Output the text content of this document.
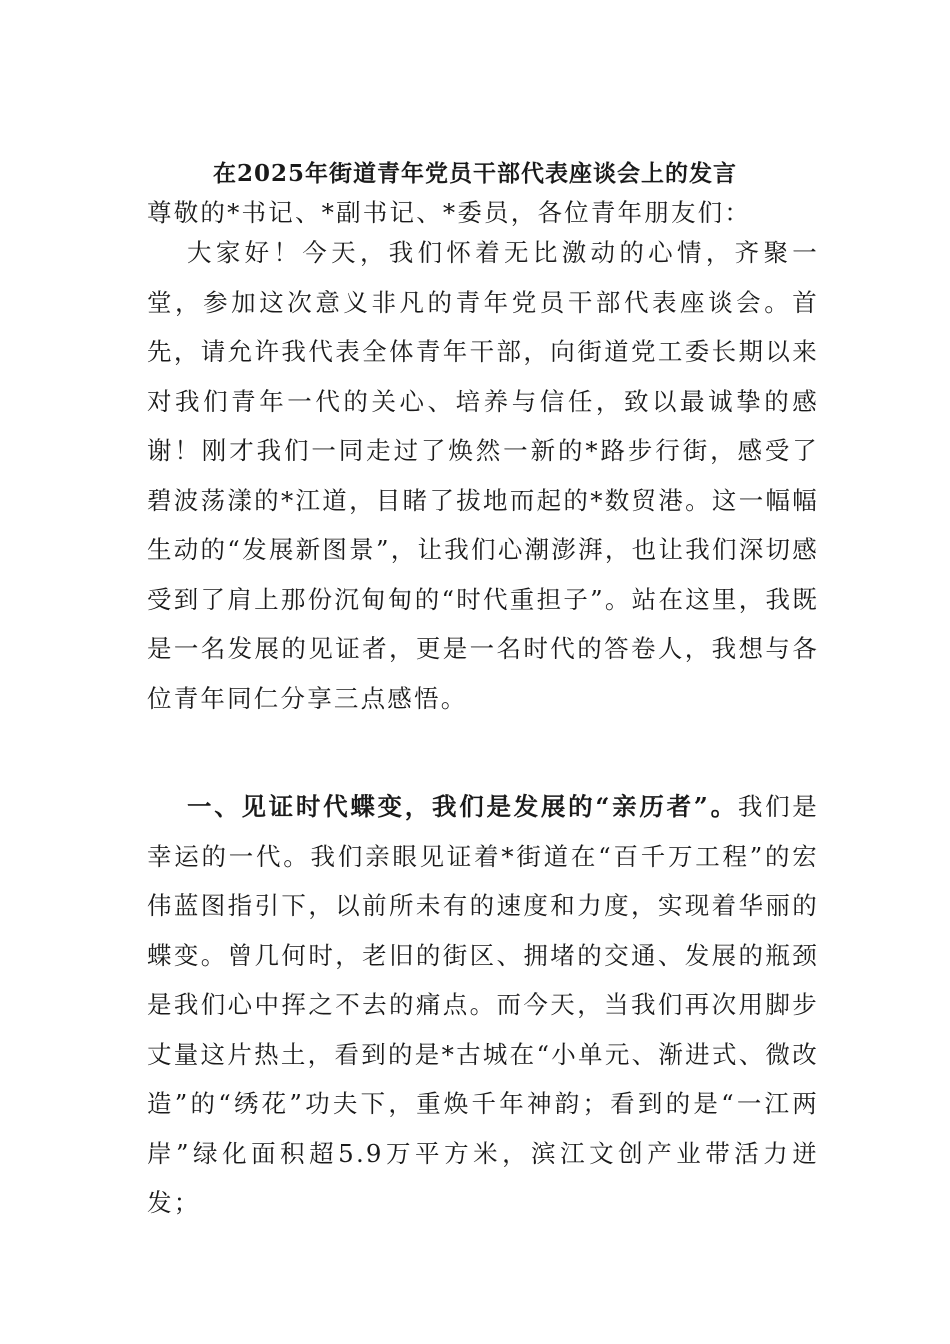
在2025年街道青年党员干部代表座谈会上的发言

尊敬的*书记、*副书记、*委员，各位青年朋友们：

大家好！今天，我们怀着无比激动的心情，齐聚一堂，参加这次意义非凡的青年党员干部代表座谈会。首先，请允许我代表全体青年干部，向街道党工委长期以来对我们青年一代的关心、培养与信任，致以最诚挚的感谢！刚才我们一同走过了焕然一新的*路步行街，感受了碧波荡漾的*江道，目睹了拔地而起的*数贸港。这一幅幅生动的“发展新图景”，让我们心潮澎湃，也让我们深切感受到了肩上那份沉甸甸的“时代重担子”。站在这里，我既是一名发展的见证者，更是一名时代的答卷人，我想与各位青年同仁分享三点感悟。

一、见证时代蝶变，我们是发展的“亲历者”。我们是幸运的一代。我们亲眼见证着*街道在“百千万工程”的宏伟蓝图指引下，以前所未有的速度和力度，实现着华丽的蝶变。曾几何时，老旧的街区、拥堵的交通、发展的瓶颈是我们心中挥之不去的痛点。而今天，当我们再次用脚步丈量这片热土，看到的是*古城在“小单元、渐进式、微改造”的“绣花”功夫下，重焕千年神韵；看到的是“一江两岸”绿化面积超5.9万平方米，滨江文创产业带活力迸发；
